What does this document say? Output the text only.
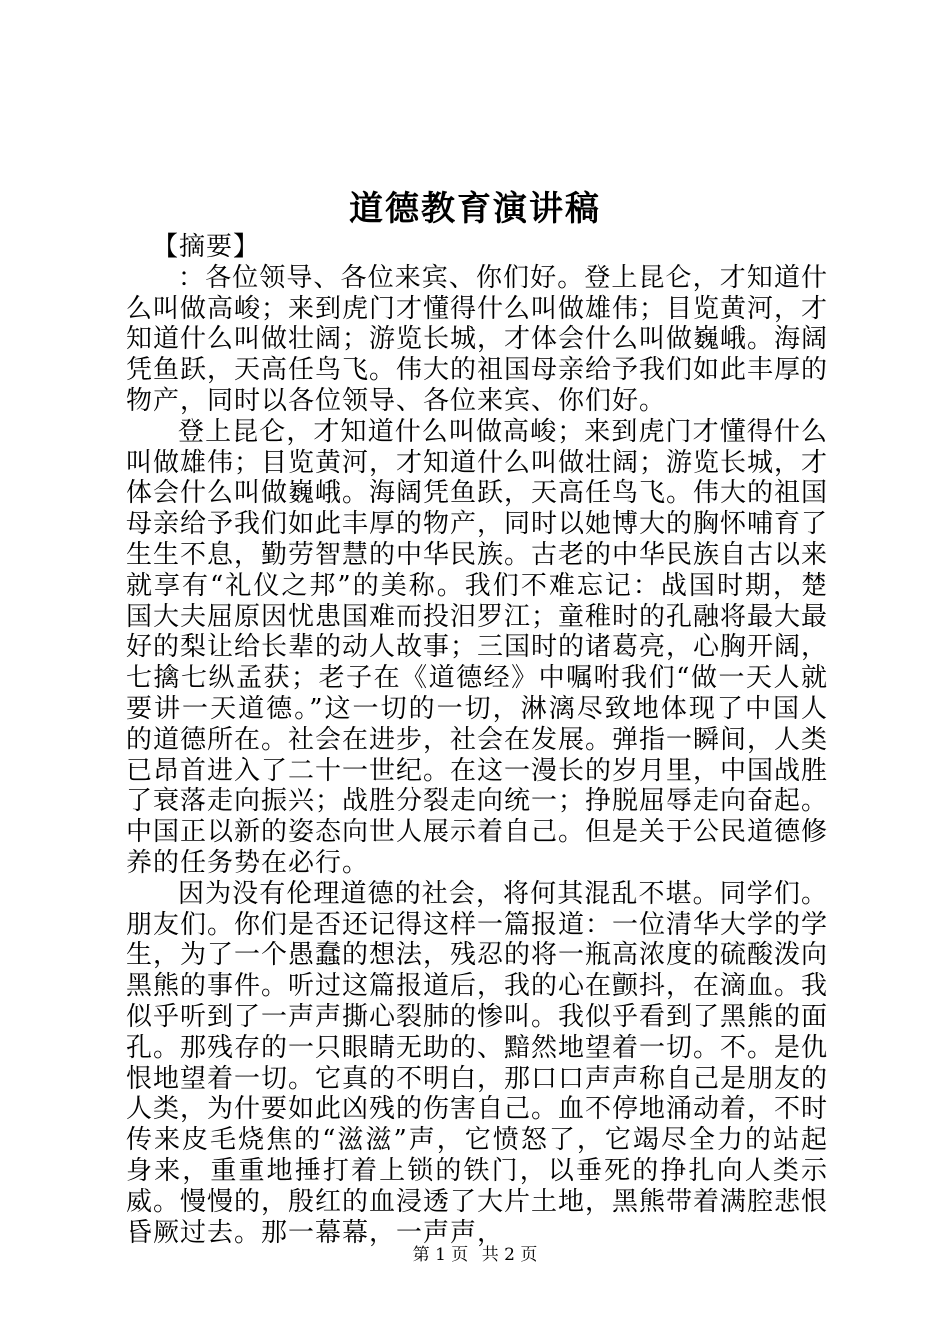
道德教育演讲稿

【摘要】

：各位领导、各位来宾、你们好。登上昆仑，才知道什么叫做高峻；来到虎门才懂得什么叫做雄伟；目览黄河，才知道什么叫做壮阔；游览长城，才体会什么叫做巍峨。海阔凭鱼跃，天高任鸟飞。伟大的祖国母亲给予我们如此丰厚的物产，同时以各位领导、各位来宾、你们好。

登上昆仑，才知道什么叫做高峻；来到虎门才懂得什么叫做雄伟；目览黄河，才知道什么叫做壮阔；游览长城，才体会什么叫做巍峨。海阔凭鱼跃，天高任鸟飞。伟大的祖国母亲给予我们如此丰厚的物产，同时以她博大的胸怀哺育了生生不息，勤劳智慧的中华民族。古老的中华民族自古以来就享有“礼仪之邦”的美称。我们不难忘记：战国时期，楚国大夫屈原因忧患国难而投汨罗江；童稚时的孔融将最大最好的梨让给长辈的动人故事；三国时的诸葛亮，心胸开阔，七擒七纵孟获；老子在《道德经》中嘱咐我们“做一天人就要讲一天道德。”这一切的一切，淋漓尽致地体现了中国人的道德所在。社会在进步，社会在发展。弹指一瞬间，人类已昂首进入了二十一世纪。在这一漫长的岁月里，中国战胜了衰落走向振兴；战胜分裂走向统一；挣脱屈辱走向奋起。中国正以新的姿态向世人展示着自己。但是关于公民道德修养的任务势在必行。

因为没有伦理道德的社会，将何其混乱不堪。同学们。朋友们。你们是否还记得这样一篇报道：一位清华大学的学生，为了一个愚蠢的想法，残忍的将一瓶高浓度的硫酸泼向黑熊的事件。听过这篇报道后，我的心在颤抖，在滴血。我似乎听到了一声声撕心裂肺的惨叫。我似乎看到了黑熊的面孔。那残存的一只眼睛无助的、黯然地望着一切。不。是仇恨地望着一切。它真的不明白，那口口声声称自己是朋友的人类，为什要如此凶残的伤害自己。血不停地涌动着，不时传来皮毛烧焦的“滋滋”声，它愤怒了，它竭尽全力的站起身来，重重地捶打着上锁的铁门，以垂死的挣扎向人类示威。慢慢的，殷红的血浸透了大片土地，黑熊带着满腔悲恨昏厥过去。那一幕幕，一声声，

第 1 页 共 2 页
